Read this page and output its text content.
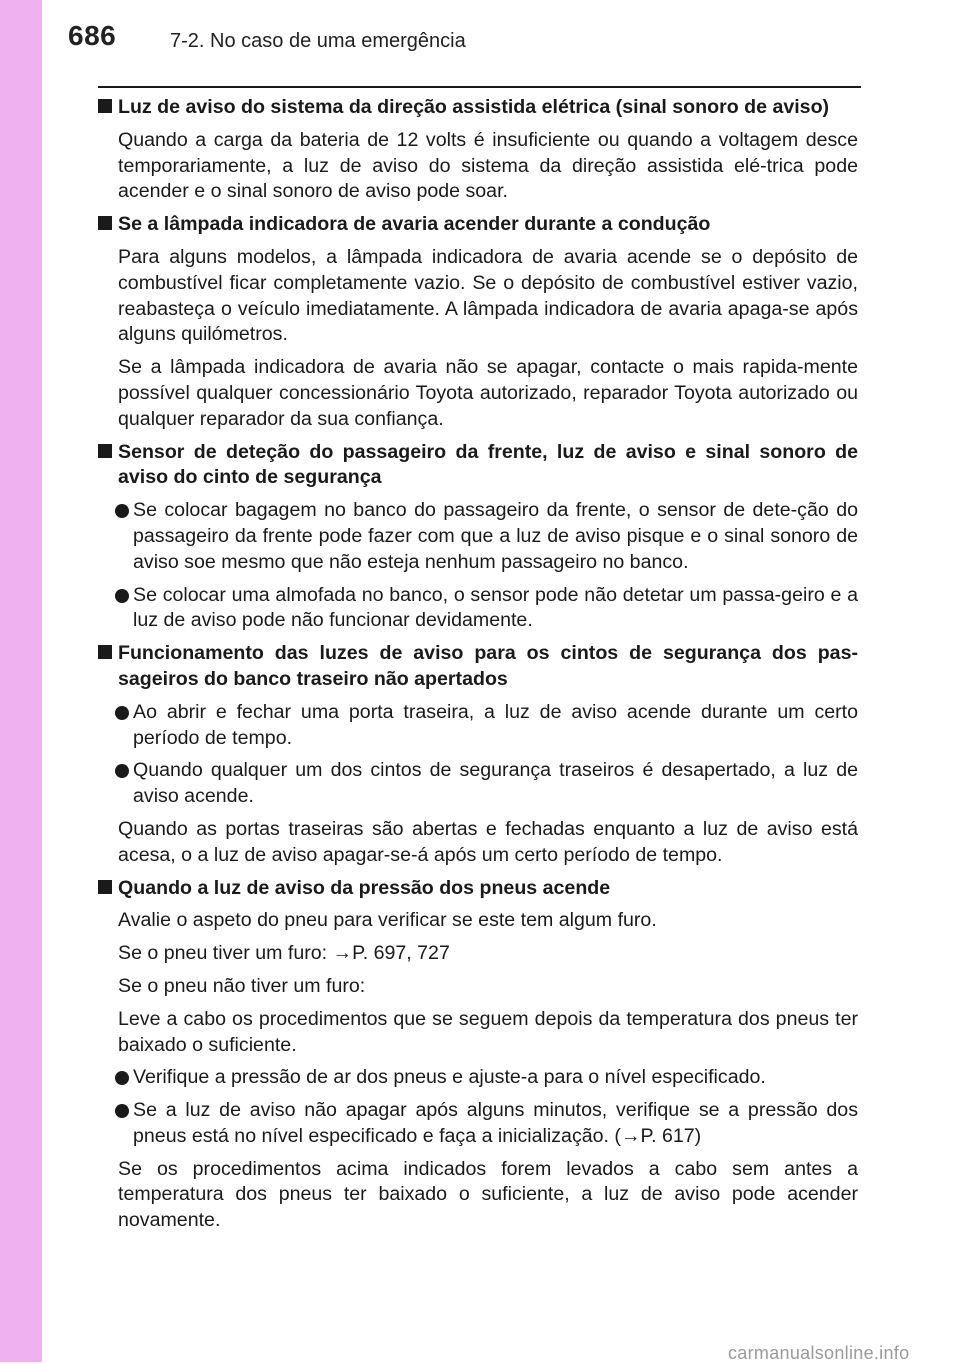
686	7-2. No caso de uma emergência
Luz de aviso do sistema da direção assistida elétrica (sinal sonoro de aviso)
Quando a carga da bateria de 12 volts é insuficiente ou quando a voltagem desce temporariamente, a luz de aviso do sistema da direção assistida elé-trica pode acender e o sinal sonoro de aviso pode soar.
Se a lâmpada indicadora de avaria acender durante a condução
Para alguns modelos, a lâmpada indicadora de avaria acende se o depósito de combustível ficar completamente vazio. Se o depósito de combustível estiver vazio, reabasteça o veículo imediatamente. A lâmpada indicadora de avaria apaga-se após alguns quilómetros.
Se a lâmpada indicadora de avaria não se apagar, contacte o mais rapida-mente possível qualquer concessionário Toyota autorizado, reparador Toyota autorizado ou qualquer reparador da sua confiança.
Sensor de deteção do passageiro da frente, luz de aviso e sinal sonoro de aviso do cinto de segurança
Se colocar bagagem no banco do passageiro da frente, o sensor de dete-ção do passageiro da frente pode fazer com que a luz de aviso pisque e o sinal sonoro de aviso soe mesmo que não esteja nenhum passageiro no banco.
Se colocar uma almofada no banco, o sensor pode não detetar um passa-geiro e a luz de aviso pode não funcionar devidamente.
Funcionamento das luzes de aviso para os cintos de segurança dos pas-sageiros do banco traseiro não apertados
Ao abrir e fechar uma porta traseira, a luz de aviso acende durante um certo período de tempo.
Quando qualquer um dos cintos de segurança traseiros é desapertado, a luz de aviso acende.
Quando as portas traseiras são abertas e fechadas enquanto a luz de aviso está acesa, o a luz de aviso apagar-se-á após um certo período de tempo.
Quando a luz de aviso da pressão dos pneus acende
Avalie o aspeto do pneu para verificar se este tem algum furo.
Se o pneu tiver um furo: →P. 697, 727
Se o pneu não tiver um furo:
Leve a cabo os procedimentos que se seguem depois da temperatura dos pneus ter baixado o suficiente.
Verifique a pressão de ar dos pneus e ajuste-a para o nível especificado.
Se a luz de aviso não apagar após alguns minutos, verifique se a pressão dos pneus está no nível especificado e faça a inicialização. (→P. 617)
Se os procedimentos acima indicados forem levados a cabo sem antes a temperatura dos pneus ter baixado o suficiente, a luz de aviso pode acender novamente.
carmanualsonline.info
